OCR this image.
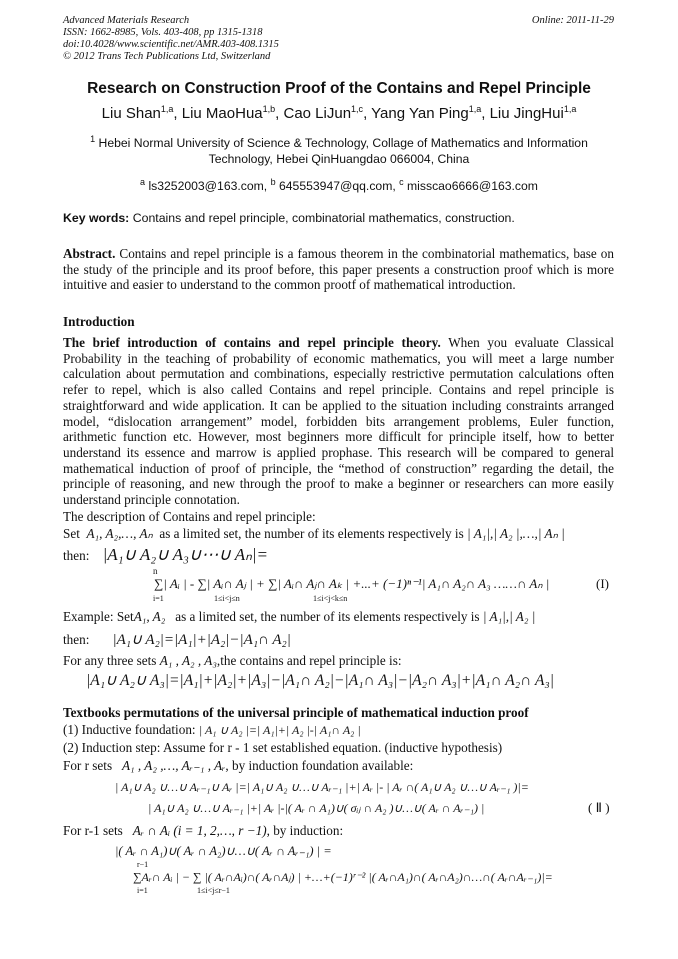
Advanced Materials Research	Online: 2011-11-29
ISSN: 1662-8985, Vols. 403-408, pp 1315-1318
doi:10.4028/www.scientific.net/AMR.403-408.1315
© 2012 Trans Tech Publications Ltd, Switzerland
Research on Construction Proof of the Contains and Repel Principle
Liu Shan$^{1,a}$, Liu MaoHua$^{1,b}$, Cao LiJun$^{1,c}$, Yang Yan Ping$^{1,a}$, Liu JingHui$^{1,a}$
$^1$ Hebei Normal University of Science & Technology, Collage of Mathematics and Information
Technology, Hebei QinHuangdao 066004, China
$^a$ ls3252003@163.com, $^b$ 645553947@qq.com, $^c$ misscao6666@163.com
Key words: Contains and repel principle, combinatorial mathematics, construction.
Abstract. Contains and repel principle is a famous theorem in the combinatorial mathematics, base on the study of the principle and its proof before, this paper presents a construction proof which is more intuitive and easier to understand to the common prootf of mathematical introduction.
Introduction
The brief introduction of contains and repel principle theory. When you evaluate Classical Probability in the teaching of probability of economic mathematics, you will meet a large number calculation about permutation and combinations, especially restrictive permutation calculations often refer to repel, which is also called Contains and repel principle. Contains and repel principle is straightforward and wide application. It can be applied to the situation including constraints arranged model, “dislocation arrangement” model, forbidden bits arrangement problems, Euler function, arithmetic function etc. However, most beginners more difficult for principle itself, how to better understand its essence and marrow is applied prophase. This research will be compared to general mathematical induction of proof of principle, the “method of construction” regarding the detail, the principle of reasoning, and new through the proof to make a beginner or researchers can more easily understand principle connotation.
The description of Contains and repel principle:
Set A₁, A₂,…, Aₙ as a limited set, the number of its elements respectively is | A₁|,| A₂ |,…,| Aₙ |
then: |A₁∪ A₂∪ A₃∪⋯∪ Aₙ|=
n
∑| Aᵢ | - ∑| Aᵢ∩ Aⱼ | + ∑| Aᵢ∩ Aⱼ∩ Aₖ | +...+ (−1)ⁿ⁻¹| A₁∩ A₂∩ A₃ ……∩ Aₙ |
i=1	1≤i<j≤n	1≤i<j<k≤n
(I)
Example: SetA₁, A₂ as a limited set, the number of its elements respectively is | A₁|,| A₂ |
then: |A₁∪ A₂|=|A₁|+|A₂|−|A₁∩ A₂|
For any three sets A₁ , A₂ , A₃,the contains and repel principle is:
|A₁∪ A₂∪ A₃|=|A₁|+|A₂|+|A₃|−|A₁∩ A₂|−|A₁∩ A₃|−|A₂∩ A₃|+|A₁∩ A₂∩ A₃|
Textbooks permutations of the universal principle of mathematical induction proof
(1) Inductive foundation: | A₁ ∪ A₂ |=| A₁|+| A₂ |-| A₁∩ A₂ |
(2) Induction step: Assume for r - 1 set established equation. (inductive hypothesis)
For r sets A₁ , A₂ ,…, Aᵣ₋₁ , Aᵣ, by induction foundation available:
| A₁∪ A₂ ∪…∪ Aᵣ₋₁∪ Aᵣ |=| A₁∪ A₂ ∪…∪ Aᵣ₋₁ |+| Aᵣ |- | Aᵣ ∩( A₁∪ A₂ ∪…∪ Aᵣ₋₁ )|=
| A₁∪ A₂ ∪…∪ Aᵣ₋₁ |+| Aᵣ |-|( Aᵣ ∩ A₁)∪( σᵢⱼ ∩ A₂ )∪…∪( Aᵣ ∩ Aᵣ₋₁) |	( Ⅱ )
For r-1 sets Aᵣ ∩ Aᵢ (i = 1, 2,…, r −1), by induction:
|( Aᵣ ∩ A₁)∪( Aᵣ ∩ A₂)∪…∪( Aᵣ ∩ Aᵣ₋₁) | =
r−1
∑Aᵣ∩ Aᵢ | − ∑ |( Aᵣ∩Aᵢ)∩( Aᵣ∩Aⱼ) | +…+(−1)ʳ⁻² |( Aᵣ∩A₁)∩( Aᵣ∩A₂)∩…∩( Aᵣ∩Aᵣ₋₁)|=
i=1	1≤i<j≤r−1
